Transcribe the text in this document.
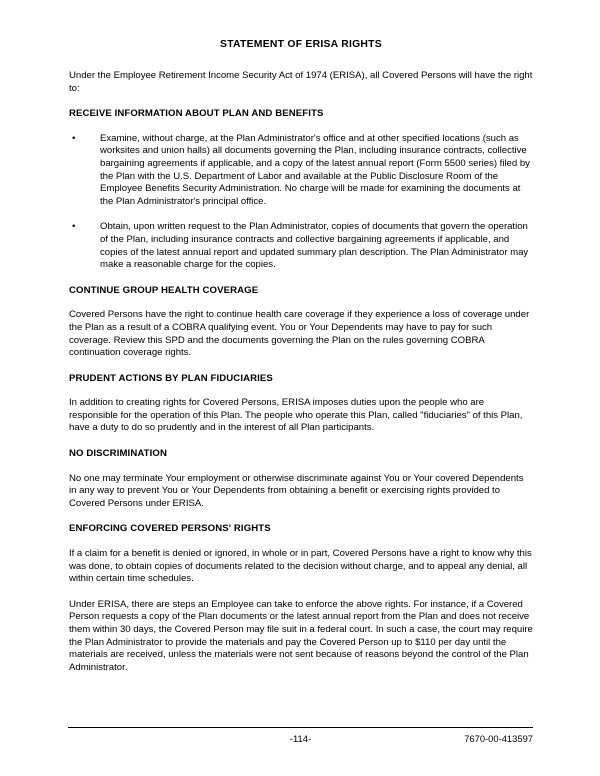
STATEMENT OF ERISA RIGHTS

Under the Employee Retirement Income Security Act of 1974 (ERISA), all Covered Persons will have the right to:

RECEIVE INFORMATION ABOUT PLAN AND BENEFITS
•	Examine, without charge, at the Plan Administrator's office and at other specified locations (such as worksites and union halls) all documents governing the Plan, including insurance contracts, collective bargaining agreements if applicable, and a copy of the latest annual report (Form 5500 series) filed by the Plan with the U.S. Department of Labor and available at the Public Disclosure Room of the Employee Benefits Security Administration. No charge will be made for examining the documents at the Plan Administrator's principal office.
•	Obtain, upon written request to the Plan Administrator, copies of documents that govern the operation of the Plan, including insurance contracts and collective bargaining agreements if applicable, and copies of the latest annual report and updated summary plan description. The Plan Administrator may make a reasonable charge for the copies.
CONTINUE GROUP HEALTH COVERAGE

Covered Persons have the right to continue health care coverage if they experience a loss of coverage under the Plan as a result of a COBRA qualifying event. You or Your Dependents may have to pay for such coverage. Review this SPD and the documents governing the Plan on the rules governing COBRA continuation coverage rights.

PRUDENT ACTIONS BY PLAN FIDUCIARIES

In addition to creating rights for Covered Persons, ERISA imposes duties upon the people who are responsible for the operation of this Plan. The people who operate this Plan, called "fiduciaries" of this Plan, have a duty to do so prudently and in the interest of all Plan participants.

NO DISCRIMINATION

No one may terminate Your employment or otherwise discriminate against You or Your covered Dependents in any way to prevent You or Your Dependents from obtaining a benefit or exercising rights provided to Covered Persons under ERISA.

ENFORCING COVERED PERSONS' RIGHTS

If a claim for a benefit is denied or ignored, in whole or in part, Covered Persons have a right to know why this was done, to obtain copies of documents related to the decision without charge, and to appeal any denial, all within certain time schedules.

Under ERISA, there are steps an Employee can take to enforce the above rights. For instance, if a Covered Person requests a copy of the Plan documents or the latest annual report from the Plan and does not receive them within 30 days, the Covered Person may file suit in a federal court. In such a case, the court may require the Plan Administrator to provide the materials and pay the Covered Person up to $110 per day until the materials are received, unless the materials were not sent because of reasons beyond the control of the Plan Administrator.

-114-	7670-00-413597
